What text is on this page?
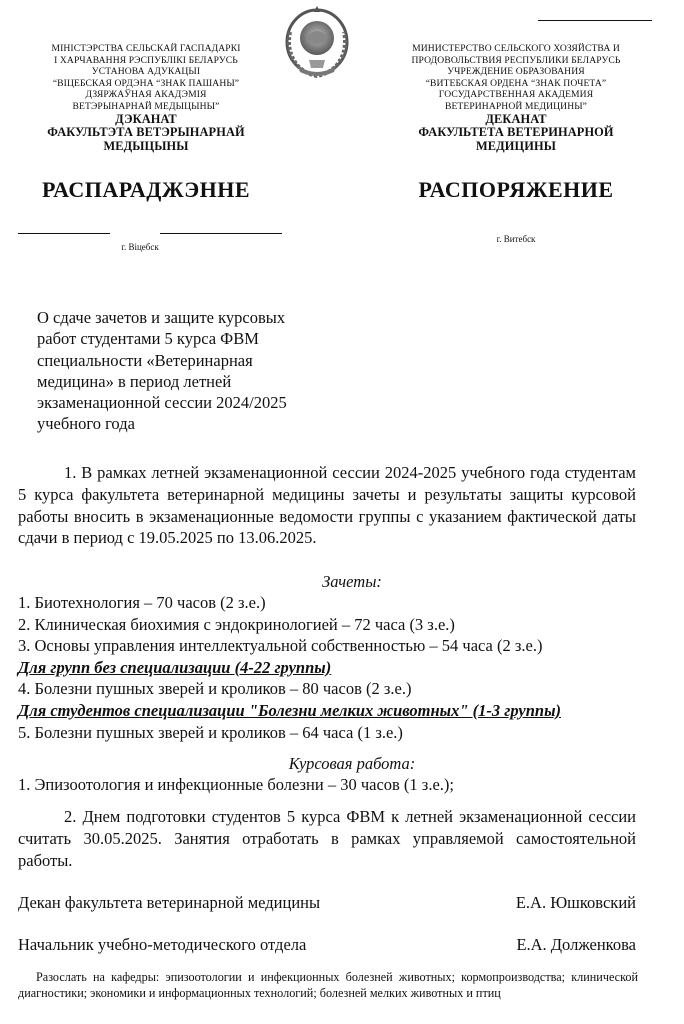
МІНІСТЭРСТВА СЕЛЬСКАЙ ГАСПАДАРКІ
І ХАРЧАВАННЯ РЭСПУБЛІКІ БЕЛАРУСЬ
УСТАНОВА АДУКАЦЫІ
“ВІЦЕБСКАЯ ОРДЭНА “ЗНАК ПАШАНЫ”
ДЗЯРЖАЎНАЯ АКАДЭМІЯ
ВЕТЭРЫНАРНАЙ МЕДЫЦЫНЫ”
ДЭКАНАТ
ФАКУЛЬТЭТА ВЕТЭРЫНАРНАЙ
МЕДЫЦЫНЫ
РАСПАРАДЖЭННЕ
г. Віцебск
МИНИСТЕРСТВО СЕЛЬСКОГО ХОЗЯЙСТВА И
ПРОДОВОЛЬСТВИЯ РЕСПУБЛИКИ БЕЛАРУСЬ
УЧРЕЖДЕНИЕ ОБРАЗОВАНИЯ
“ВИТЕБСКАЯ ОРДЕНА “ЗНАК ПОЧЕТА”
ГОСУДАРСТВЕННАЯ АКАДЕМИЯ
ВЕТЕРИНАРНОЙ МЕДИЦИНЫ”
ДЕКАНАТ
ФАКУЛЬТЕТА ВЕТЕРИНАРНОЙ
МЕДИЦИНЫ
РАСПОРЯЖЕНИЕ
г. Витебск
О сдаче зачетов и защите курсовых
работ студентами 5 курса ФВМ
специальности «Ветеринарная
медицина» в период летней
экзаменационной сессии 2024/2025
учебного года
1. В рамках летней экзаменационной сессии 2024-2025 учебного года студентам 5 курса факультета ветеринарной медицины зачеты и результаты защиты курсовой работы вносить в экзаменационные ведомости группы с указанием фактической даты сдачи в период с 19.05.2025 по 13.06.2025.
Зачеты:
1. Биотехнология – 70 часов (2 з.е.)
2. Клиническая биохимия с эндокринологией – 72 часа (3 з.е.)
3. Основы управления интеллектуальной собственностью – 54 часа (2 з.е.)
Для групп без специализации (4-22 группы)
4. Болезни пушных зверей и кроликов – 80 часов (2 з.е.)
Для студентов специализации "Болезни мелких животных" (1-3 группы)
5. Болезни пушных зверей и кроликов – 64 часа (1 з.е.)
Курсовая работа:
1. Эпизоотология и инфекционные болезни – 30 часов (1 з.е.);
2. Днем подготовки студентов 5 курса ФВМ к летней экзаменационной сессии считать 30.05.2025. Занятия отработать в рамках управляемой самостоятельной работы.
Декан факультета ветеринарной медицины	Е.А. Юшковский
Начальник учебно-методического отдела	Е.А. Долженкова
Разослать на кафедры: эпизоотологии и инфекционных болезней животных; кормопроизводства; клинической диагностики; экономики и информационных технологий; болезней мелких животных и птиц
